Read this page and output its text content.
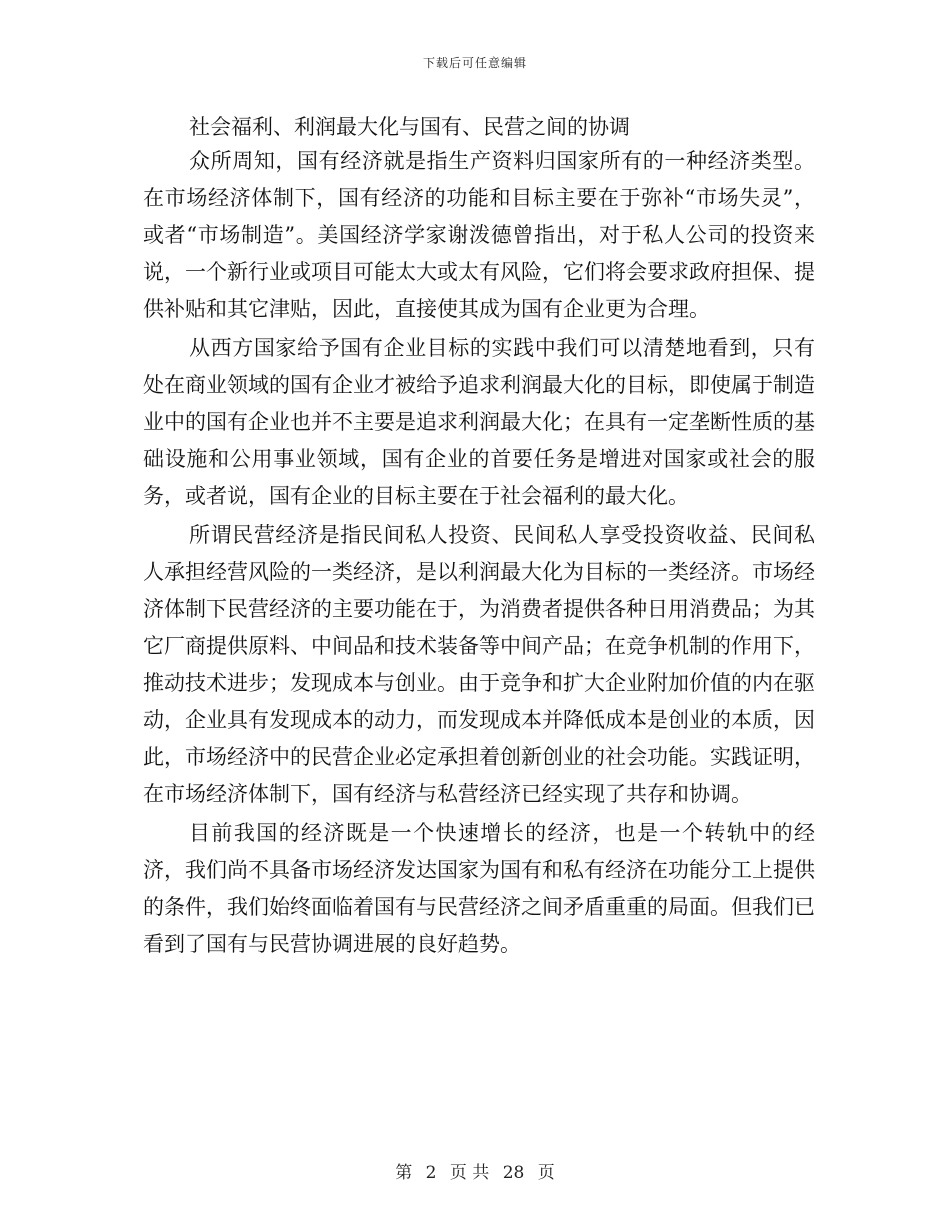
下载后可任意编辑
社会福利、利润最大化与国有、民营之间的协调

众所周知，国有经济就是指生产资料归国家所有的一种经济类型。在市场经济体制下，国有经济的功能和目标主要在于弥补“市场失灵”，或者“市场制造”。美国经济学家谢泼德曾指出，对于私人公司的投资来说，一个新行业或项目可能太大或太有风险，它们将会要求政府担保、提供补贴和其它津贴，因此，直接使其成为国有企业更为合理。

从西方国家给予国有企业目标的实践中我们可以清楚地看到，只有处在商业领域的国有企业才被给予追求利润最大化的目标，即使属于制造业中的国有企业也并不主要是追求利润最大化；在具有一定垄断性质的基础设施和公用事业领域，国有企业的首要任务是增进对国家或社会的服务，或者说，国有企业的目标主要在于社会福利的最大化。

所谓民营经济是指民间私人投资、民间私人享受投资收益、民间私人承担经营风险的一类经济，是以利润最大化为目标的一类经济。市场经济体制下民营经济的主要功能在于，为消费者提供各种日用消费品；为其它厂商提供原料、中间品和技术装备等中间产品；在竞争机制的作用下，推动技术进步；发现成本与创业。由于竞争和扩大企业附加价值的内在驱动，企业具有发现成本的动力，而发现成本并降低成本是创业的本质，因此，市场经济中的民营企业必定承担着创新创业的社会功能。实践证明，在市场经济体制下，国有经济与私营经济已经实现了共存和协调。

目前我国的经济既是一个快速增长的经济，也是一个转轨中的经济，我们尚不具备市场经济发达国家为国有和私有经济在功能分工上提供的条件，我们始终面临着国有与民营经济之间矛盾重重的局面。但我们已看到了国有与民营协调进展的良好趋势。

第 2 页 共 28 页
